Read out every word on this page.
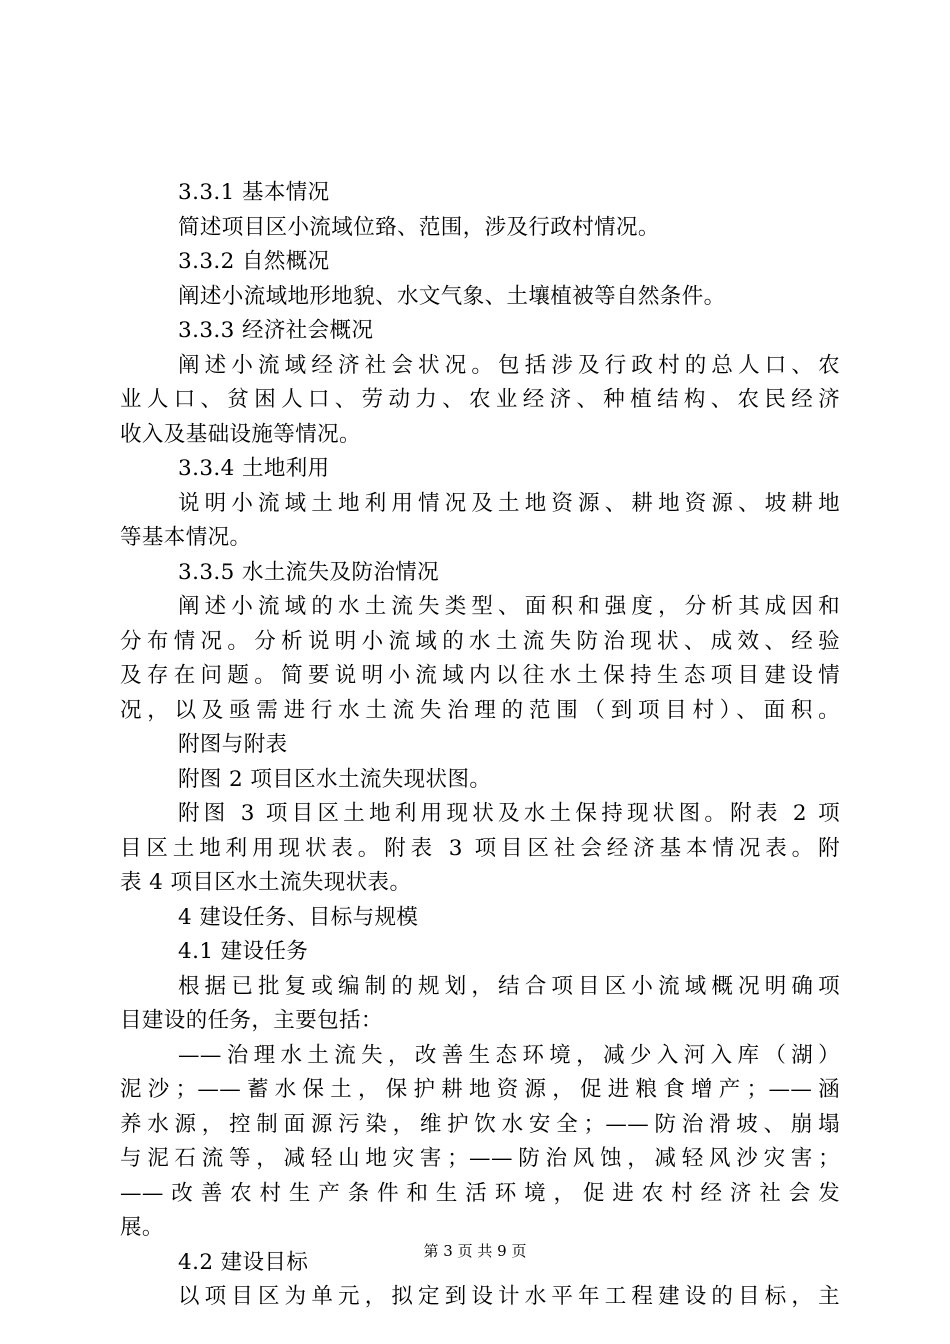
3.3.1 基本情况
简述项目区小流域位臵、范围，涉及行政村情况。
3.3.2 自然概况
阐述小流域地形地貌、水文气象、土壤植被等自然条件。
3.3.3 经济社会概况
阐述小流域经济社会状况。包括涉及行政村的总人口、农
业人口、贫困人口、劳动力、农业经济、种植结构、农民经济
收入及基础设施等情况。
3.3.4 土地利用
说明小流域土地利用情况及土地资源、耕地资源、坡耕地
等基本情况。
3.3.5 水土流失及防治情况
阐述小流域的水土流失类型、面积和强度，分析其成因和
分布情况。分析说明小流域的水土流失防治现状、成效、经验
及存在问题。简要说明小流域内以往水土保持生态项目建设情
况，以及亟需进行水土流失治理的范围（到项目村）、面积。
附图与附表
附图 2 项目区水土流失现状图。
附图 3 项目区土地利用现状及水土保持现状图。附表 2 项
目区土地利用现状表。附表 3 项目区社会经济基本情况表。附
表 4 项目区水土流失现状表。
4 建设任务、目标与规模
4.1 建设任务
根据已批复或编制的规划，结合项目区小流域概况明确项
目建设的任务，主要包括：
——治理水土流失，改善生态环境，减少入河入库（湖）
泥沙；——蓄水保土，保护耕地资源，促进粮食增产；——涵
养水源，控制面源污染，维护饮水安全；——防治滑坡、崩塌
与泥石流等，减轻山地灾害；——防治风蚀，减轻风沙灾害；
——改善农村生产条件和生活环境，促进农村经济社会发
展。
4.2 建设目标
以项目区为单元，拟定到设计水平年工程建设的目标，主
第 3 页 共 9 页
